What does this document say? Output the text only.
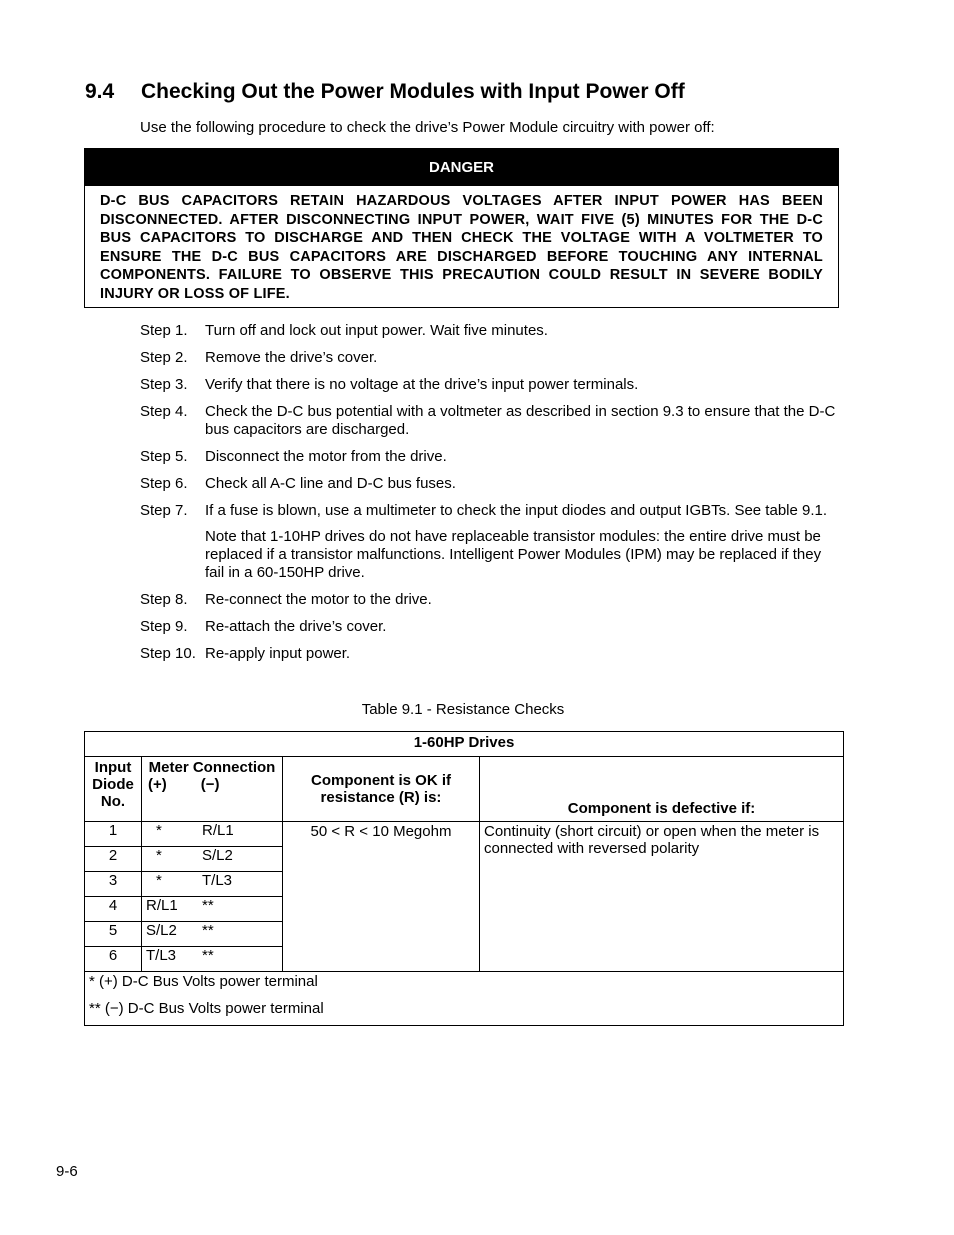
9.4 Checking Out the Power Modules with Input Power Off
Use the following procedure to check the drive’s Power Module circuitry with power off:
DANGER
D-C BUS CAPACITORS RETAIN HAZARDOUS VOLTAGES AFTER INPUT POWER HAS BEEN DISCONNECTED. AFTER DISCONNECTING INPUT POWER, WAIT FIVE (5) MINUTES FOR THE D-C BUS CAPACITORS TO DISCHARGE AND THEN CHECK THE VOLTAGE WITH A VOLTMETER TO ENSURE THE D-C BUS CAPACITORS ARE DISCHARGED BEFORE TOUCHING ANY INTERNAL COMPONENTS. FAILURE TO OBSERVE THIS PRECAUTION COULD RESULT IN SEVERE BODILY INJURY OR LOSS OF LIFE.
Step 1.	Turn off and lock out input power. Wait five minutes.
Step 2.	Remove the drive’s cover.
Step 3.	Verify that there is no voltage at the drive’s input power terminals.
Step 4.	Check the D-C bus potential with a voltmeter as described in section 9.3 to ensure that the D-C bus capacitors are discharged.
Step 5.	Disconnect the motor from the drive.
Step 6.	Check all A-C line and D-C bus fuses.
Step 7.	If a fuse is blown, use a multimeter to check the input diodes and output IGBTs. See table 9.1.
Note that 1-10HP drives do not have replaceable transistor modules: the entire drive must be replaced if a transistor malfunctions. Intelligent Power Modules (IPM) may be replaced if they fail in a 60-150HP drive.
Step 8.	Re-connect the motor to the drive.
Step 9.	Re-attach the drive’s cover.
Step 10. Re-apply input power.
Table 9.1 - Resistance Checks
1-60HP Drives			
Input Diode No.	Meter Connection
(+) (−)	Component is OK if resistance (R) is:	Component is defective if:
1	* R/L1	50 < R < 10 Megohm	Continuity (short circuit) or open when the meter is connected with reversed polarity
2	* S/L2		

3	* T/L3		

4	R/L1 **		

5	S/L2 **		

6	T/L3 **		

* (+) D-C Bus Volts power terminal			
** (−) D-C Bus Volts power terminal			
9-6
